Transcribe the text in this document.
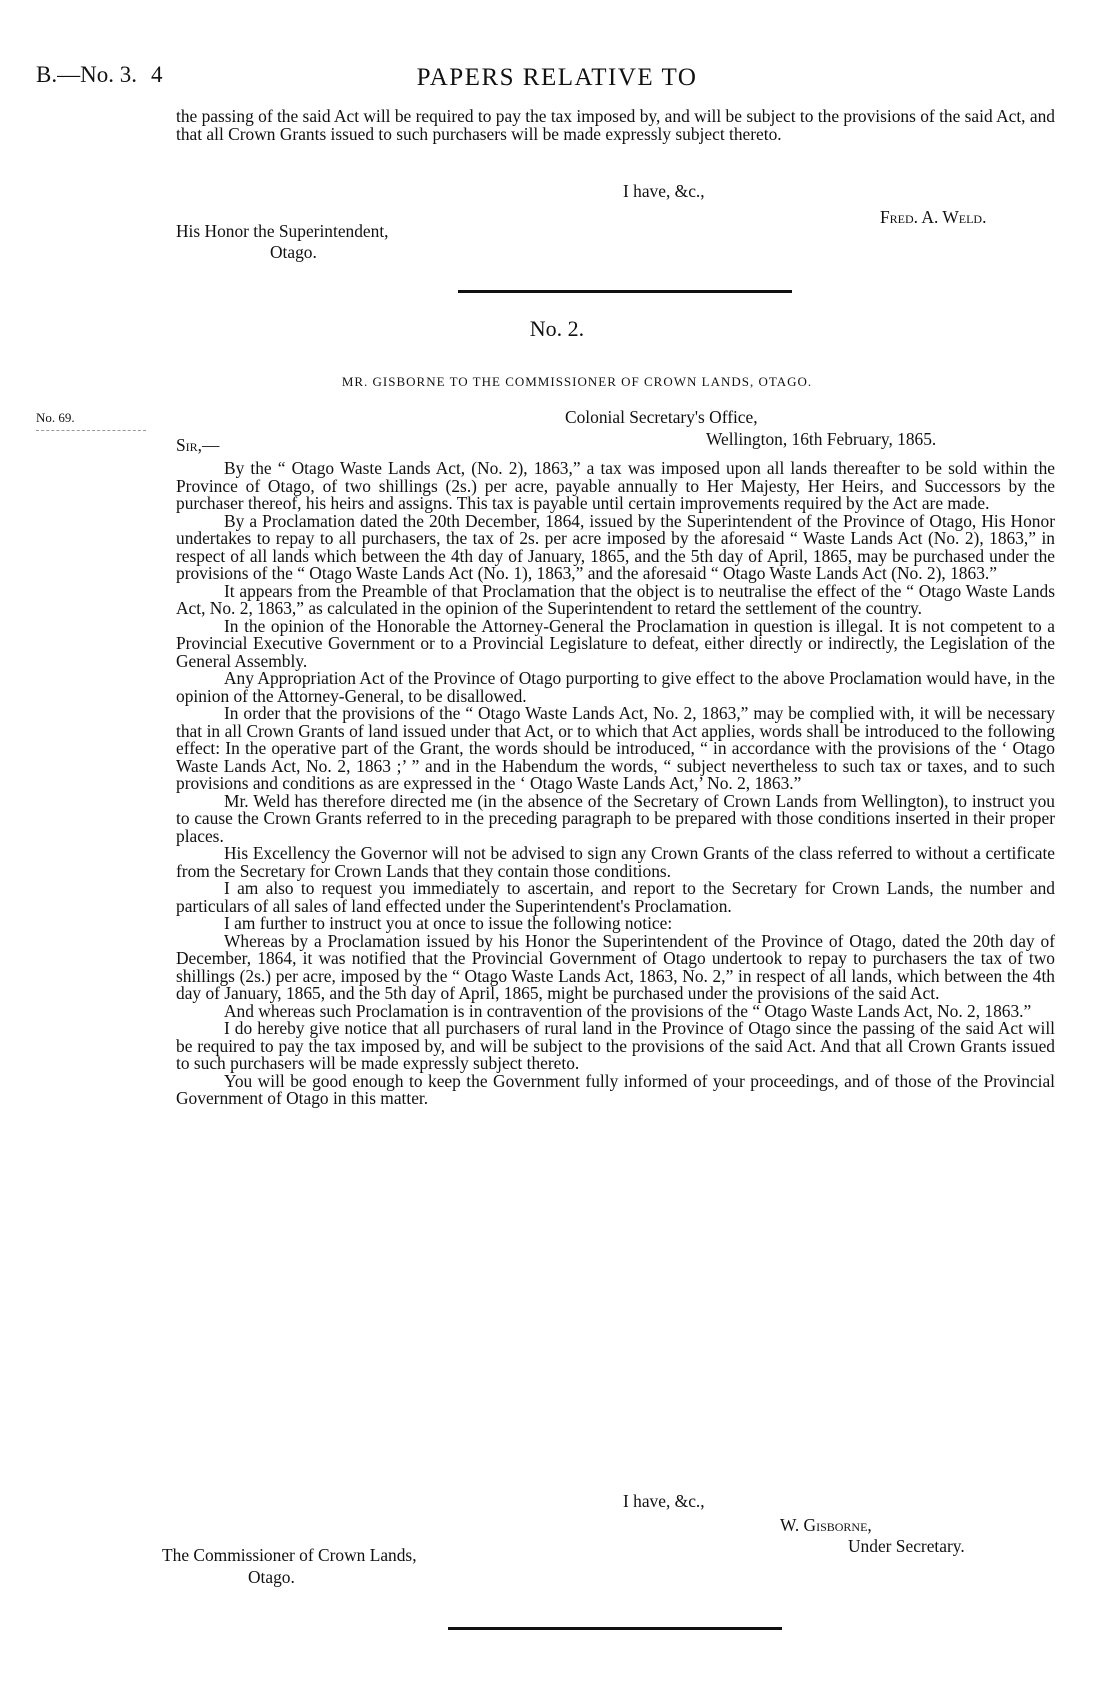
B.—No. 3. 4	PAPERS RELATIVE TO

the passing of the said Act will be required to pay the tax imposed by, and will be subject to the provisions of the said Act, and that all Crown Grants issued to such purchasers will be made expressly subject thereto.

I have, &c.,
Fred. A. Weld.
His Honor the Superintendent,
Otago.
No. 2.
MR. GISBORNE TO THE COMMISSIONER OF CROWN LANDS, OTAGO.
No. 69.	Colonial Secretary's Office,
Wellington, 16th February, 1865.
Sir,—

By the “ Otago Waste Lands Act, (No. 2), 1863,” a tax was imposed upon all lands thereafter to be sold within the Province of Otago, of two shillings (2s.) per acre, payable annually to Her Majesty, Her Heirs, and Successors by the purchaser thereof, his heirs and assigns. This tax is payable until certain improvements required by the Act are made.

By a Proclamation dated the 20th December, 1864, issued by the Superintendent of the Province of Otago, His Honor undertakes to repay to all purchasers, the tax of 2s. per acre imposed by the aforesaid “ Waste Lands Act (No. 2), 1863,” in respect of all lands which between the 4th day of January, 1865, and the 5th day of April, 1865, may be purchased under the provisions of the “ Otago Waste Lands Act (No. 1), 1863,” and the aforesaid “ Otago Waste Lands Act (No. 2), 1863.”

It appears from the Preamble of that Proclamation that the object is to neutralise the effect of the “ Otago Waste Lands Act, No. 2, 1863,” as calculated in the opinion of the Superintendent to retard the settlement of the country.

In the opinion of the Honorable the Attorney-General the Proclamation in question is illegal. It is not competent to a Provincial Executive Government or to a Provincial Legislature to defeat, either directly or indirectly, the Legislation of the General Assembly.

Any Appropriation Act of the Province of Otago purporting to give effect to the above Proclamation would have, in the opinion of the Attorney-General, to be disallowed.

In order that the provisions of the “ Otago Waste Lands Act, No. 2, 1863,” may be complied with, it will be necessary that in all Crown Grants of land issued under that Act, or to which that Act applies, words shall be introduced to the following effect: In the operative part of the Grant, the words should be introduced, “ in accordance with the provisions of the ‘ Otago Waste Lands Act, No. 2, 1863 ;’ ” and in the Habendum the words, “ subject nevertheless to such tax or taxes, and to such provisions and conditions as are expressed in the ‘ Otago Waste Lands Act,’ No. 2, 1863.”

Mr. Weld has therefore directed me (in the absence of the Secretary of Crown Lands from Wellington), to instruct you to cause the Crown Grants referred to in the preceding paragraph to be prepared with those conditions inserted in their proper places.

His Excellency the Governor will not be advised to sign any Crown Grants of the class referred to without a certificate from the Secretary for Crown Lands that they contain those conditions.

I am also to request you immediately to ascertain, and report to the Secretary for Crown Lands, the number and particulars of all sales of land effected under the Superintendent's Proclamation.

I am further to instruct you at once to issue the following notice:

Whereas by a Proclamation issued by his Honor the Superintendent of the Province of Otago, dated the 20th day of December, 1864, it was notified that the Provincial Government of Otago undertook to repay to purchasers the tax of two shillings (2s.) per acre, imposed by the “ Otago Waste Lands Act, 1863, No. 2,” in respect of all lands, which between the 4th day of January, 1865, and the 5th day of April, 1865, might be purchased under the provisions of the said Act.

And whereas such Proclamation is in contravention of the provisions of the “ Otago Waste Lands Act, No. 2, 1863.”

I do hereby give notice that all purchasers of rural land in the Province of Otago since the passing of the said Act will be required to pay the tax imposed by, and will be subject to the provisions of the said Act. And that all Crown Grants issued to such purchasers will be made expressly subject thereto.

You will be good enough to keep the Government fully informed of your proceedings, and of those of the Provincial Government of Otago in this matter.

I have, &c.,
W. Gisborne,
Under Secretary.
The Commissioner of Crown Lands,
Otago.
